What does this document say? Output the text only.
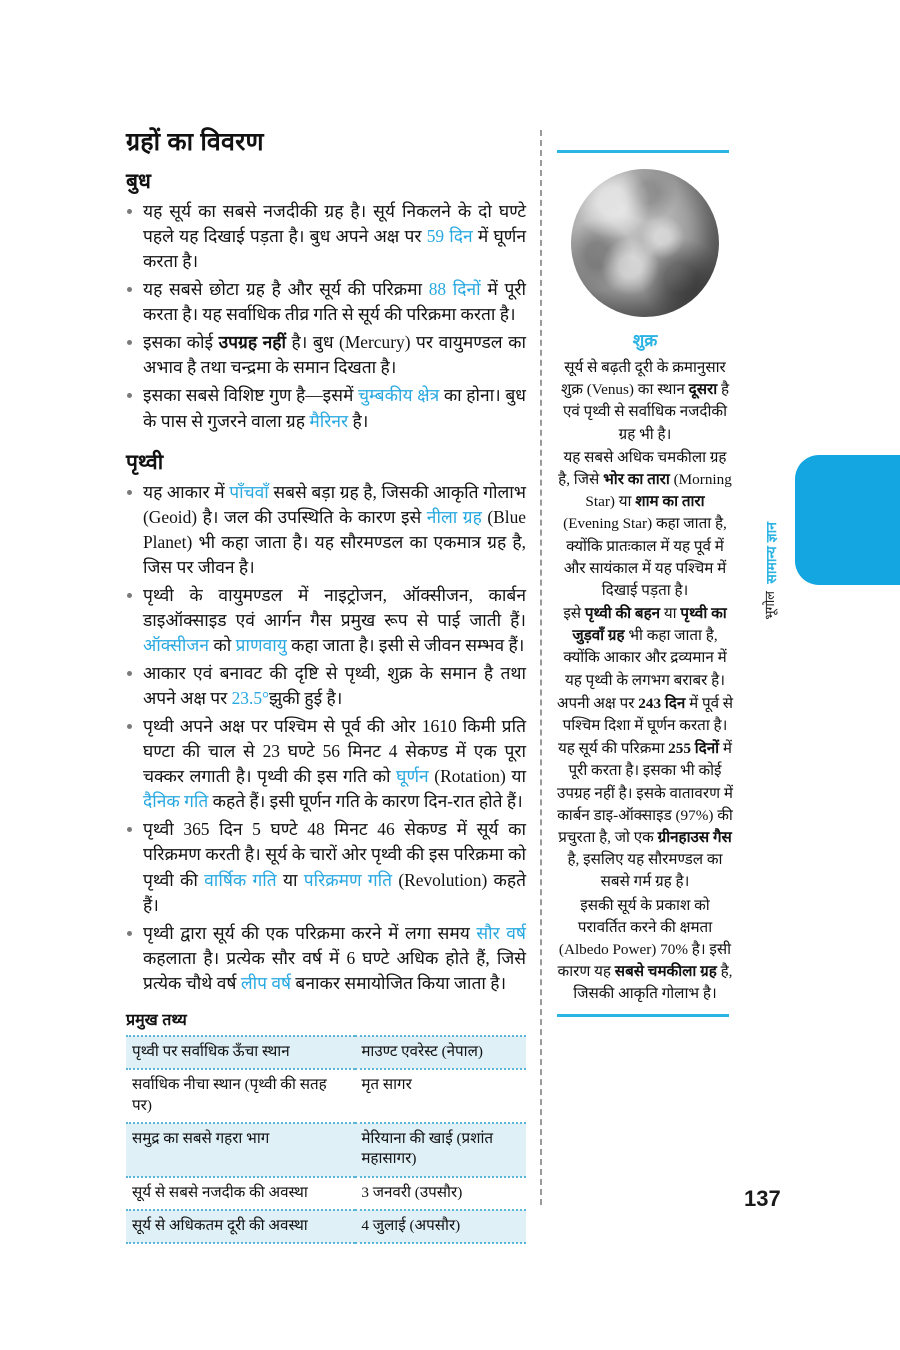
ग्रहों का विवरण
बुध
यह सूर्य का सबसे नजदीकी ग्रह है। सूर्य निकलने के दो घण्टे पहले यह दिखाई पड़ता है। बुध अपने अक्ष पर 59 दिन में घूर्णन करता है।
यह सबसे छोटा ग्रह है और सूर्य की परिक्रमा 88 दिनों में पूरी करता है। यह सर्वाधिक तीव्र गति से सूर्य की परिक्रमा करता है।
इसका कोई उपग्रह नहीं है। बुध (Mercury) पर वायुमण्डल का अभाव है तथा चन्द्रमा के समान दिखता है।
इसका सबसे विशिष्ट गुण है—इसमें चुम्बकीय क्षेत्र का होना। बुध के पास से गुजरने वाला ग्रह मैरिनर है।
पृथ्वी
यह आकार में पाँचवाँ सबसे बड़ा ग्रह है, जिसकी आकृति गोलाभ (Geoid) है। जल की उपस्थिति के कारण इसे नीला ग्रह (Blue Planet) भी कहा जाता है। यह सौरमण्डल का एकमात्र ग्रह है, जिस पर जीवन है।
पृथ्वी के वायुमण्डल में नाइट्रोजन, ऑक्सीजन, कार्बन डाइऑक्साइड एवं आर्गन गैस प्रमुख रूप से पाई जाती हैं। ऑक्सीजन को प्राणवायु कहा जाता है। इसी से जीवन सम्भव हैं।
आकार एवं बनावट की दृष्टि से पृथ्वी, शुक्र के समान है तथा अपने अक्ष पर 23.5°झुकी हुई है।
पृथ्वी अपने अक्ष पर पश्चिम से पूर्व की ओर 1610 किमी प्रति घण्टा की चाल से 23 घण्टे 56 मिनट 4 सेकण्ड में एक पूरा चक्कर लगाती है। पृथ्वी की इस गति को घूर्णन (Rotation) या दैनिक गति कहते हैं। इसी घूर्णन गति के कारण दिन-रात होते हैं।
पृथ्वी 365 दिन 5 घण्टे 48 मिनट 46 सेकण्ड में सूर्य का परिक्रमण करती है। सूर्य के चारों ओर पृथ्वी की इस परिक्रमा को पृथ्वी की वार्षिक गति या परिक्रमण गति (Revolution) कहते हैं।
पृथ्वी द्वारा सूर्य की एक परिक्रमा करने में लगा समय सौर वर्ष कहलाता है। प्रत्येक सौर वर्ष में 6 घण्टे अधिक होते हैं, जिसे प्रत्येक चौथे वर्ष लीप वर्ष बनाकर समायोजित किया जाता है।
प्रमुख तथ्य
पृथ्वी पर सर्वाधिक ऊँचा स्थान	माउण्ट एवरेस्ट (नेपाल)
सर्वाधिक नीचा स्थान (पृथ्वी की सतह पर)	मृत सागर
समुद्र का सबसे गहरा भाग	मेरियाना की खाई (प्रशांत महासागर)
सूर्य से सबसे नजदीक की अवस्था	3 जनवरी (उपसौर)
सूर्य से अधिकतम दूरी की अवस्था	4 जुलाई (अपसौर)
शुक्र

सूर्य से बढ़ती दूरी के क्रमानुसार शुक्र (Venus) का स्थान दूसरा है एवं पृथ्वी से सर्वाधिक नजदीकी ग्रह भी है।

यह सबसे अधिक चमकीला ग्रह है, जिसे भोर का तारा (Morning Star) या शाम का तारा (Evening Star) कहा जाता है, क्योंकि प्रातःकाल में यह पूर्व में और सायंकाल में यह पश्चिम में दिखाई पड़ता है।

इसे पृथ्वी की बहन या पृथ्वी का जुड़वाँ ग्रह भी कहा जाता है, क्योंकि आकार और द्रव्यमान में यह पृथ्वी के लगभग बराबर है।

अपनी अक्ष पर 243 दिन में पूर्व से पश्चिम दिशा में घूर्णन करता है।

यह सूर्य की परिक्रमा 255 दिनों में पूरी करता है। इसका भी कोई उपग्रह नहीं है। इसके वातावरण में कार्बन डाइ-ऑक्साइड (97%) की प्रचुरता है, जो एक ग्रीनहाउस गैस है, इसलिए यह सौरमण्डल का सबसे गर्म ग्रह है।

इसकी सूर्य के प्रकाश को परावर्तित करने की क्षमता (Albedo Power) 70% है। इसी कारण यह सबसे चमकीला ग्रह है, जिसकी आकृति गोलाभ है।

भूगोल
सामान्य ज्ञान
137
